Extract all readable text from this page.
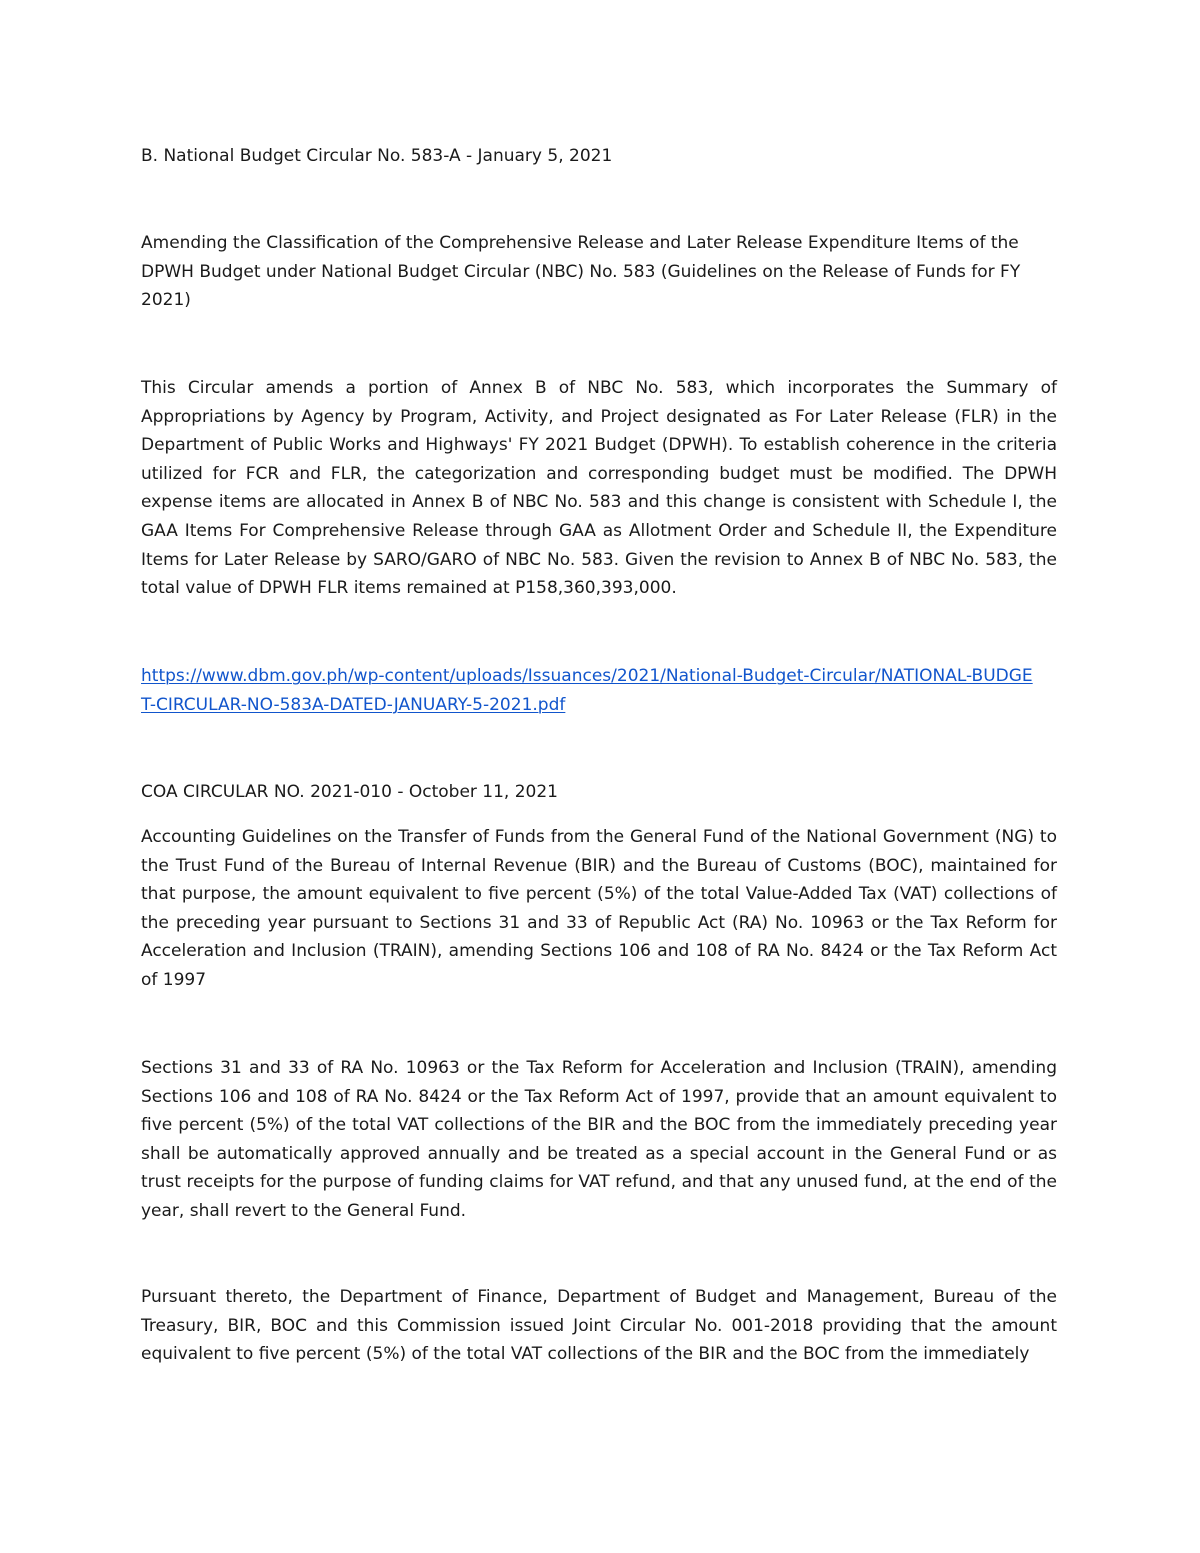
B. National Budget Circular No. 583-A - January 5, 2021

Amending the Classification of the Comprehensive Release and Later Release Expenditure Items of the DPWH Budget under National Budget Circular (NBC) No. 583 (Guidelines on the Release of Funds for FY 2021)

This Circular amends a portion of Annex B of NBC No. 583, which incorporates the Summary of Appropriations by Agency by Program, Activity, and Project designated as For Later Release (FLR) in the Department of Public Works and Highways' FY 2021 Budget (DPWH). To establish coherence in the criteria utilized for FCR and FLR, the categorization and corresponding budget must be modified. The DPWH expense items are allocated in Annex B of NBC No. 583 and this change is consistent with Schedule I, the GAA Items For Comprehensive Release through GAA as Allotment Order and Schedule II, the Expenditure Items for Later Release by SARO/GARO of NBC No. 583. Given the revision to Annex B of NBC No. 583, the total value of DPWH FLR items remained at P158,360,393,000.

https://www.dbm.gov.ph/wp-content/uploads/Issuances/2021/National-Budget-Circular/NATIONAL-BUDGET-CIRCULAR-NO-583A-DATED-JANUARY-5-2021.pdf

COA CIRCULAR NO. 2021-010 - October 11, 2021

Accounting Guidelines on the Transfer of Funds from the General Fund of the National Government (NG) to the Trust Fund of the Bureau of Internal Revenue (BIR) and the Bureau of Customs (BOC), maintained for that purpose, the amount equivalent to five percent (5%) of the total Value-Added Tax (VAT) collections of the preceding year pursuant to Sections 31 and 33 of Republic Act (RA) No. 10963 or the Tax Reform for Acceleration and Inclusion (TRAIN), amending Sections 106 and 108 of RA No. 8424 or the Tax Reform Act of 1997

Sections 31 and 33 of RA No. 10963 or the Tax Reform for Acceleration and Inclusion (TRAIN), amending Sections 106 and 108 of RA No. 8424 or the Tax Reform Act of 1997, provide that an amount equivalent to five percent (5%) of the total VAT collections of the BIR and the BOC from the immediately preceding year shall be automatically approved annually and be treated as a special account in the General Fund or as trust receipts for the purpose of funding claims for VAT refund, and that any unused fund, at the end of the year, shall revert to the General Fund.

Pursuant thereto, the Department of Finance, Department of Budget and Management, Bureau of the Treasury, BIR, BOC and this Commission issued Joint Circular No. 001-2018 providing that the amount equivalent to five percent (5%) of the total VAT collections of the BIR and the BOC from the immediately
